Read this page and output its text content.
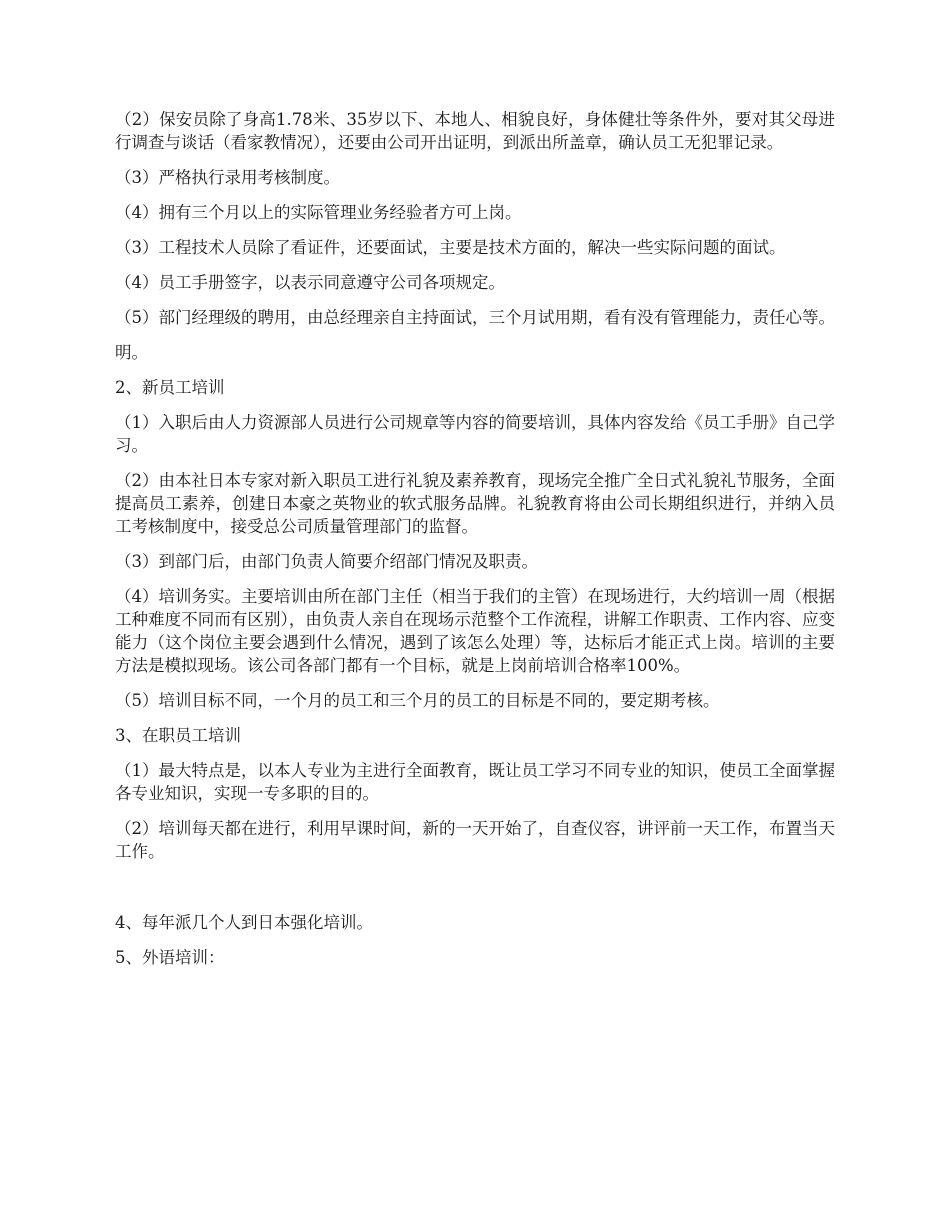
（2）保安员除了身高1.78米、35岁以下、本地人、相貌良好，身体健壮等条件外，要对其父母进行调查与谈话（看家教情况），还要由公司开出证明，到派出所盖章，确认员工无犯罪记录。

（3）严格执行录用考核制度。

（4）拥有三个月以上的实际管理业务经验者方可上岗。

（3）工程技术人员除了看证件，还要面试，主要是技术方面的，解决一些实际问题的面试。

（4）员工手册签字，以表示同意遵守公司各项规定。

（5）部门经理级的聘用，由总经理亲自主持面试，三个月试用期，看有没有管理能力，责任心等。

明。

2、新员工培训

（1）入职后由人力资源部人员进行公司规章等内容的简要培训，具体内容发给《员工手册》自己学习。

（2）由本社日本专家对新入职员工进行礼貌及素养教育，现场完全推广全日式礼貌礼节服务，全面提高员工素养，创建日本豪之英物业的软式服务品牌。礼貌教育将由公司长期组织进行，并纳入员工考核制度中，接受总公司质量管理部门的监督。

（3）到部门后，由部门负责人简要介绍部门情况及职责。

（4）培训务实。主要培训由所在部门主任（相当于我们的主管）在现场进行，大约培训一周（根据工种难度不同而有区别），由负责人亲自在现场示范整个工作流程，讲解工作职责、工作内容、应变能力（这个岗位主要会遇到什么情况，遇到了该怎么处理）等，达标后才能正式上岗。培训的主要方法是模拟现场。该公司各部门都有一个目标，就是上岗前培训合格率100%。

（5）培训目标不同，一个月的员工和三个月的员工的目标是不同的，要定期考核。

3、在职员工培训

（1）最大特点是，以本人专业为主进行全面教育，既让员工学习不同专业的知识，使员工全面掌握各专业知识，实现一专多职的目的。

（2）培训每天都在进行，利用早课时间，新的一天开始了，自查仪容，讲评前一天工作，布置当天工作。

4、每年派几个人到日本强化培训。

5、外语培训：
